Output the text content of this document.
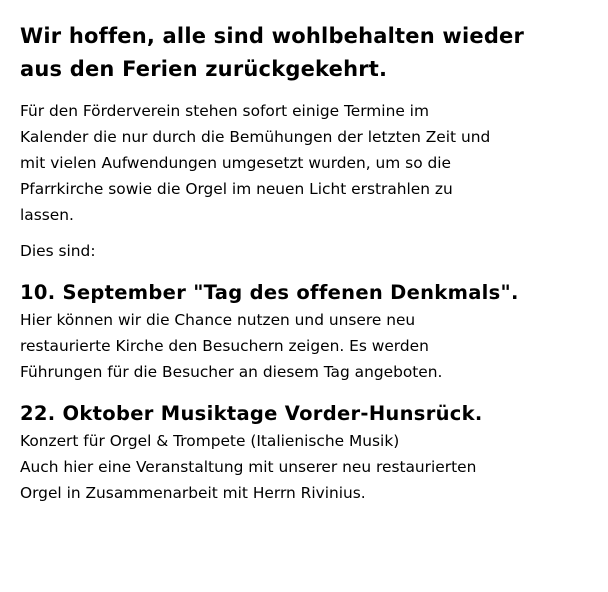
Wir hoffen, alle sind wohlbehalten wieder
aus den Ferien zurückgekehrt.

Für den Förderverein stehen sofort einige Termine im
Kalender die nur durch die Bemühungen der letzten Zeit und
mit vielen Aufwendungen umgesetzt wurden, um so die
Pfarrkirche sowie die Orgel im neuen Licht erstrahlen zu
lassen.

Dies sind:

10. September "Tag des offenen Denkmals".

Hier können wir die Chance nutzen und unsere neu
restaurierte Kirche den Besuchern zeigen. Es werden
Führungen für die Besucher an diesem Tag angeboten.

22. Oktober Musiktage Vorder-Hunsrück.

Konzert für Orgel & Trompete (Italienische Musik)
Auch hier eine Veranstaltung mit unserer neu restaurierten
Orgel in Zusammenarbeit mit Herrn Rivinius.
